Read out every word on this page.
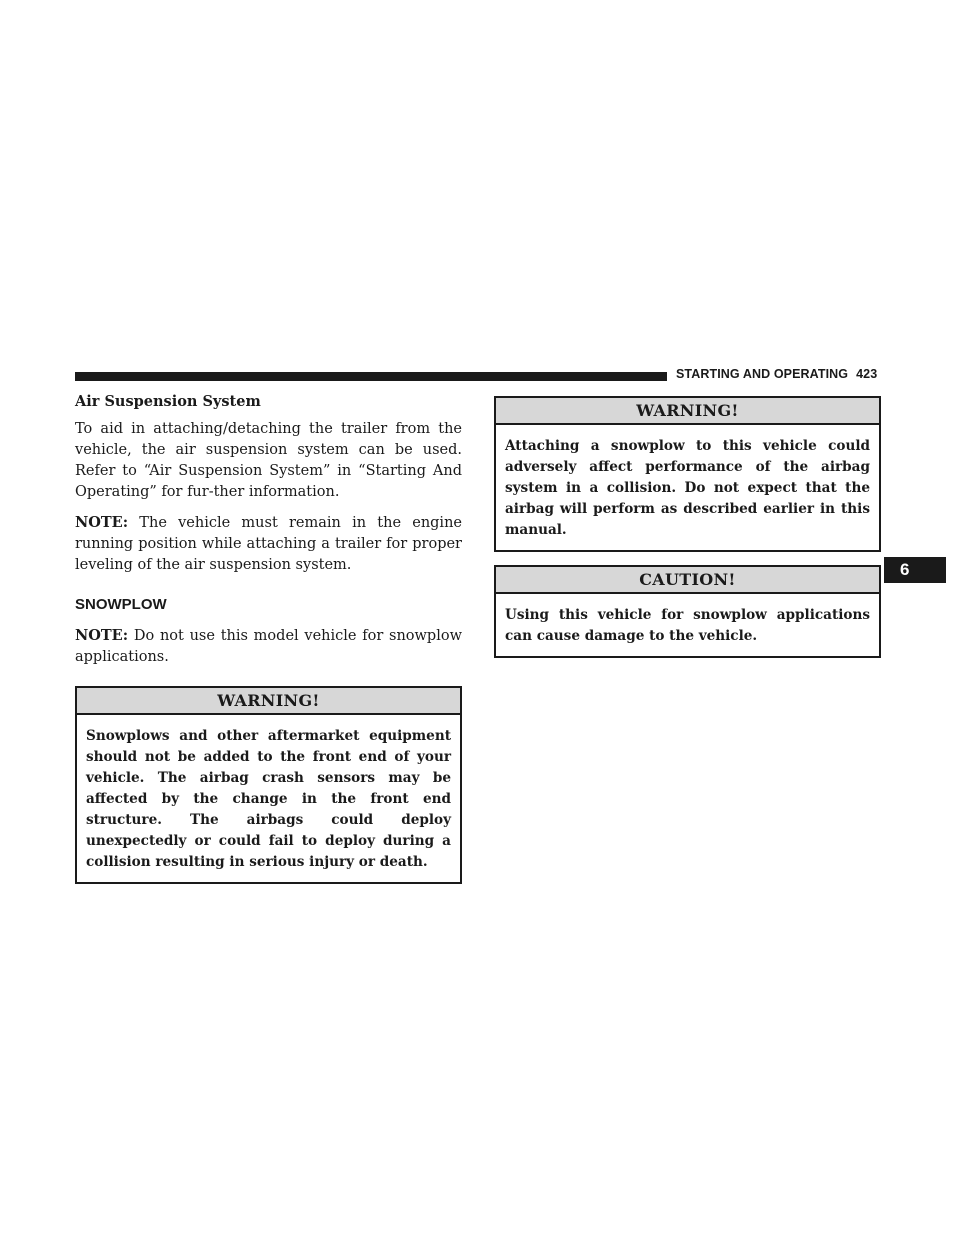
STARTING AND OPERATING 423
6
Air Suspension System

To aid in attaching/detaching the trailer from the vehicle, the air suspension system can be used. Refer to “Air Suspension System” in “Starting And Operating” for fur-ther information.

NOTE: The vehicle must remain in the engine running position while attaching a trailer for proper leveling of the air suspension system.

SNOWPLOW

NOTE: Do not use this model vehicle for snowplow applications.

WARNING!
Snowplows and other aftermarket equipment should not be added to the front end of your vehicle. The airbag crash sensors may be affected by the change in the front end structure. The airbags could deploy unexpectedly or could fail to deploy during a collision resulting in serious injury or death.
WARNING!
Attaching a snowplow to this vehicle could adversely affect performance of the airbag system in a collision. Do not expect that the airbag will perform as described earlier in this manual.
CAUTION!
Using this vehicle for snowplow applications can cause damage to the vehicle.
